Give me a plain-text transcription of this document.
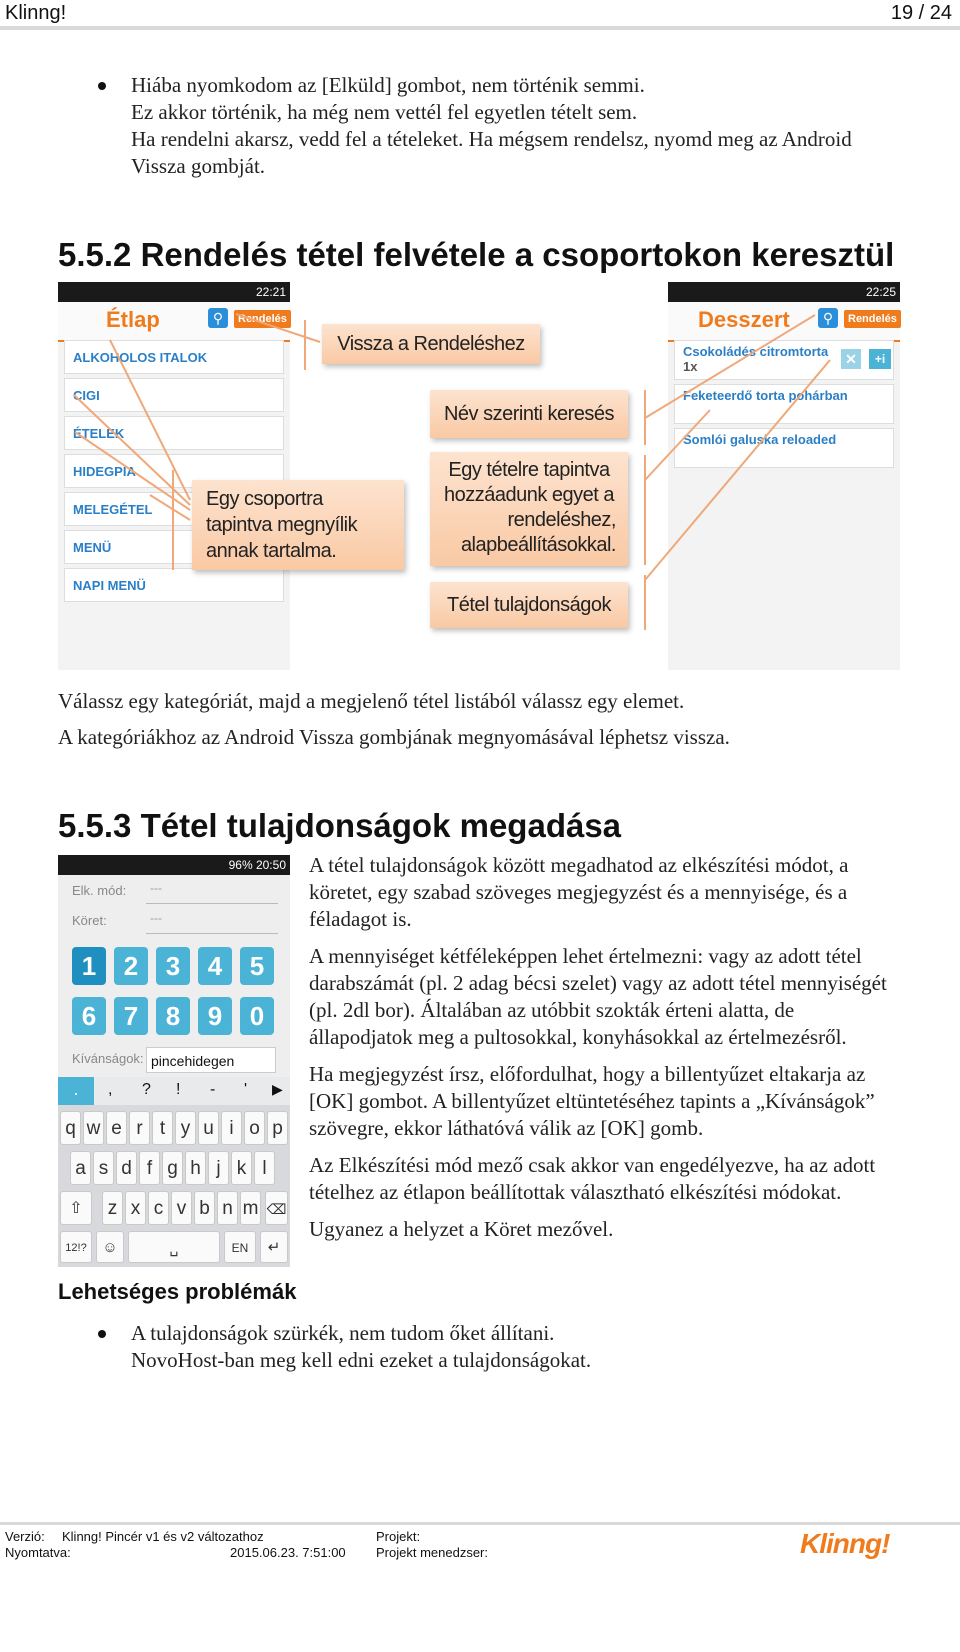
Klinng!	19 / 24
Hiába nyomkodom az [Elküld] gombot, nem történik semmi.
Ez akkor történik, ha még nem vettél fel egyetlen tételt sem.
Ha rendelni akarsz, vedd fel a tételeket. Ha mégsem rendelsz, nyomd meg az Android
Vissza gombját.
5.5.2 Rendelés tétel felvétele a csoportokon keresztül
22:21
Étlap	⚲	Rendelés
ALKOHOLOS ITALOK
CIGI
ÉTELEK
HIDEGPIA
MELEGÉTEL
MENÜ
NAPI MENÜ
22:25
Desszert	⚲	Rendelés
Csokoládés citromtorta
1x	✕	+i
Feketeerdő torta pohárban
Somlói galuska reloaded
Vissza a Rendeléshez
Név szerinti keresés
Egy csoportra
tapintva megnyílik
annak tartalma.
Egy tételre tapintva
hozzáadunk egyet a
rendeléshez,
alapbeállításokkal.
Tétel tulajdonságok
Válassz egy kategóriát, majd a megjelenő tétel listából válassz egy elemet.
A kategóriákhoz az Android Vissza gombjának megnyomásával léphetsz vissza.
5.5.3 Tétel tulajdonságok megadása
96% 20:50
Elk. mód:	---
Köret:	---
1	2	3	4	5
6	7	8	9	0
Kívánságok: pincehidegen
.	, ? ! - ' ▶
q w e r t y u i o p
a s d f g h j k l
⇧	z x c v b n m ⌫
12!?	☺	␣	EN	↵
A tétel tulajdonságok között megadhatod az elkészítési módot, a
köretet, egy szabad szöveges megjegyzést és a mennyisége, és a
féladagot is.
A mennyiséget kétféleképpen lehet értelmezni: vagy az adott tétel
darabszámát (pl. 2 adag bécsi szelet) vagy az adott tétel mennyiségét
(pl. 2dl bor). Általában az utóbbit szokták érteni alatta, de
állapodjatok meg a pultosokkal, konyhásokkal az értelmezésről.
Ha megjegyzést írsz, előfordulhat, hogy a billentyűzet eltakarja az
[OK] gombot. A billentyűzet eltüntetéséhez tapints a „Kívánságok”
szövegre, ekkor láthatóvá válik az [OK] gomb.
Az Elkészítési mód mező csak akkor van engedélyezve, ha az adott
tételhez az étlapon beállítottak választható elkészítési módokat.
Ugyanez a helyzet a Köret mezővel.
Lehetséges problémák
A tulajdonságok szürkék, nem tudom őket állítani.
NovoHost-ban meg kell edni ezeket a tulajdonságokat.
Verzió: Klinng! Pincér v1 és v2 változathoz
Nyomtatva:	2015.06.23. 7:51:00
Projekt:
Projekt menedzser:	Klinng!
